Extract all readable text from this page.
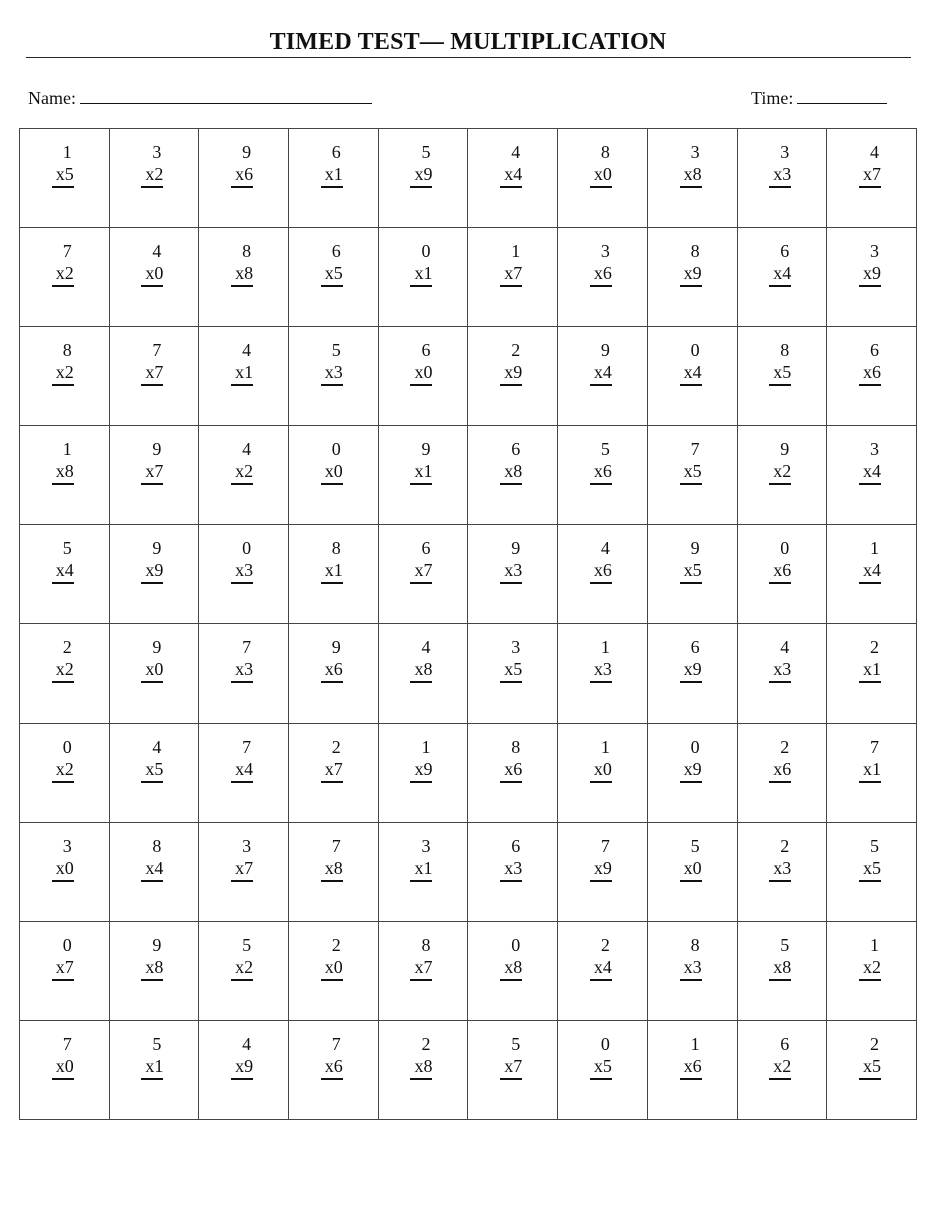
TIMED TEST— MULTIPLICATION
Name:	Time:
1
x5
3
x2
9
x6
6
x1
5
x9
4
x4
8
x0
3
x8
3
x3
4
x7
7
x2
4
x0
8
x8
6
x5
0
x1
1
x7
3
x6
8
x9
6
x4
3
x9
8
x2
7
x7
4
x1
5
x3
6
x0
2
x9
9
x4
0
x4
8
x5
6
x6
1
x8
9
x7
4
x2
0
x0
9
x1
6
x8
5
x6
7
x5
9
x2
3
x4
5
x4
9
x9
0
x3
8
x1
6
x7
9
x3
4
x6
9
x5
0
x6
1
x4
2
x2
9
x0
7
x3
9
x6
4
x8
3
x5
1
x3
6
x9
4
x3
2
x1
0
x2
4
x5
7
x4
2
x7
1
x9
8
x6
1
x0
0
x9
2
x6
7
x1
3
x0
8
x4
3
x7
7
x8
3
x1
6
x3
7
x9
5
x0
2
x3
5
x5
0
x7
9
x8
5
x2
2
x0
8
x7
0
x8
2
x4
8
x3
5
x8
1
x2
7
x0
5
x1
4
x9
7
x6
2
x8
5
x7
0
x5
1
x6
6
x2
2
x5
